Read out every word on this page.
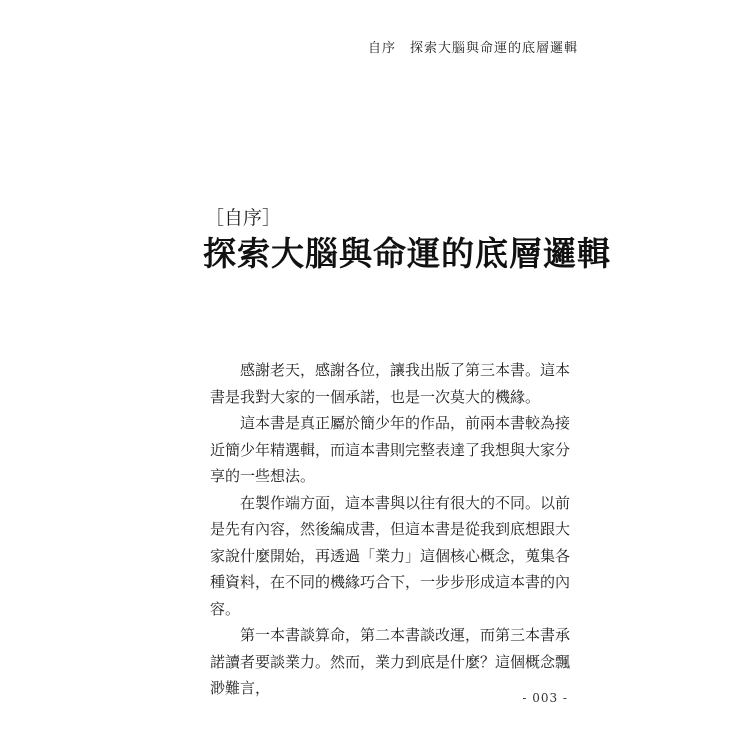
自序 探索大腦與命運的底層邏輯
［自序］
探索大腦與命運的底層邏輯

感謝老天，感謝各位，讓我出版了第三本書。這本書是我對大家的一個承諾，也是一次莫大的機緣。

這本書是真正屬於簡少年的作品，前兩本書較為接近簡少年精選輯，而這本書則完整表達了我想與大家分享的一些想法。

在製作端方面，這本書與以往有很大的不同。以前是先有內容，然後編成書，但這本書是從我到底想跟大家說什麼開始，再透過「業力」這個核心概念，蒐集各種資料，在不同的機緣巧合下，一步步形成這本書的內容。

第一本書談算命，第二本書談改運，而第三本書承諾讀者要談業力。然而，業力到底是什麼？這個概念飄渺難言，

- 003 -
